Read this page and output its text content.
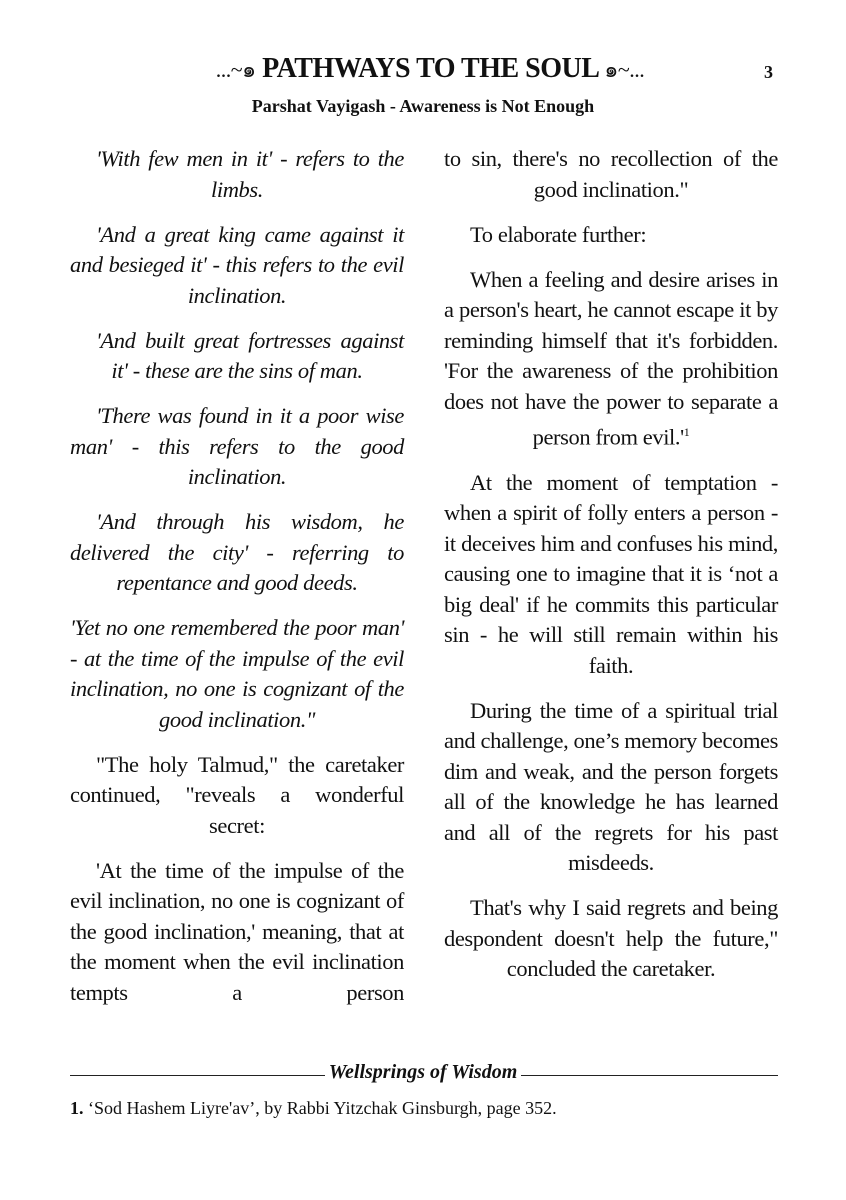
...~๑ PATHWAYS TO THE SOUL ๑~...	3
Parshat Vayigash - Awareness is Not Enough

'With few men in it' - refers to the limbs.

'And a great king came against it and besieged it' - this refers to the evil inclination.

'And built great fortresses against it' - these are the sins of man.

'There was found in it a poor wise man' - this refers to the good inclination.

'And through his wisdom, he delivered the city' - referring to repentance and good deeds.

'Yet no one remembered the poor man' - at the time of the impulse of the evil inclination, no one is cognizant of the good inclination."

"The holy Talmud," the caretaker continued, "reveals a wonderful secret:

'At the time of the impulse of the evil inclination, no one is cognizant of the good inclination,' meaning, that at the moment when the evil inclination tempts a person

to sin, there's no recollection of the good inclination."

To elaborate further:

When a feeling and desire arises in a person's heart, he cannot escape it by reminding himself that it's forbidden. 'For the awareness of the prohibition does not have the power to separate a person from $evil.'^1$

At the moment of temptation - when a spirit of folly enters a person - it deceives him and confuses his mind, causing one to imagine that it is ‘not a big deal' if he commits this particular sin - he will still remain within his faith.

During the time of a spiritual trial and challenge, one’s memory becomes dim and weak, and the person forgets all of the knowledge he has learned and all of the regrets for his past misdeeds.

That's why I said regrets and being despondent doesn't help the future," concluded the caretaker.

Wellsprings of Wisdom
1. ‘Sod Hashem Liyre'av’, by Rabbi Yitzchak Ginsburgh, page 352.
